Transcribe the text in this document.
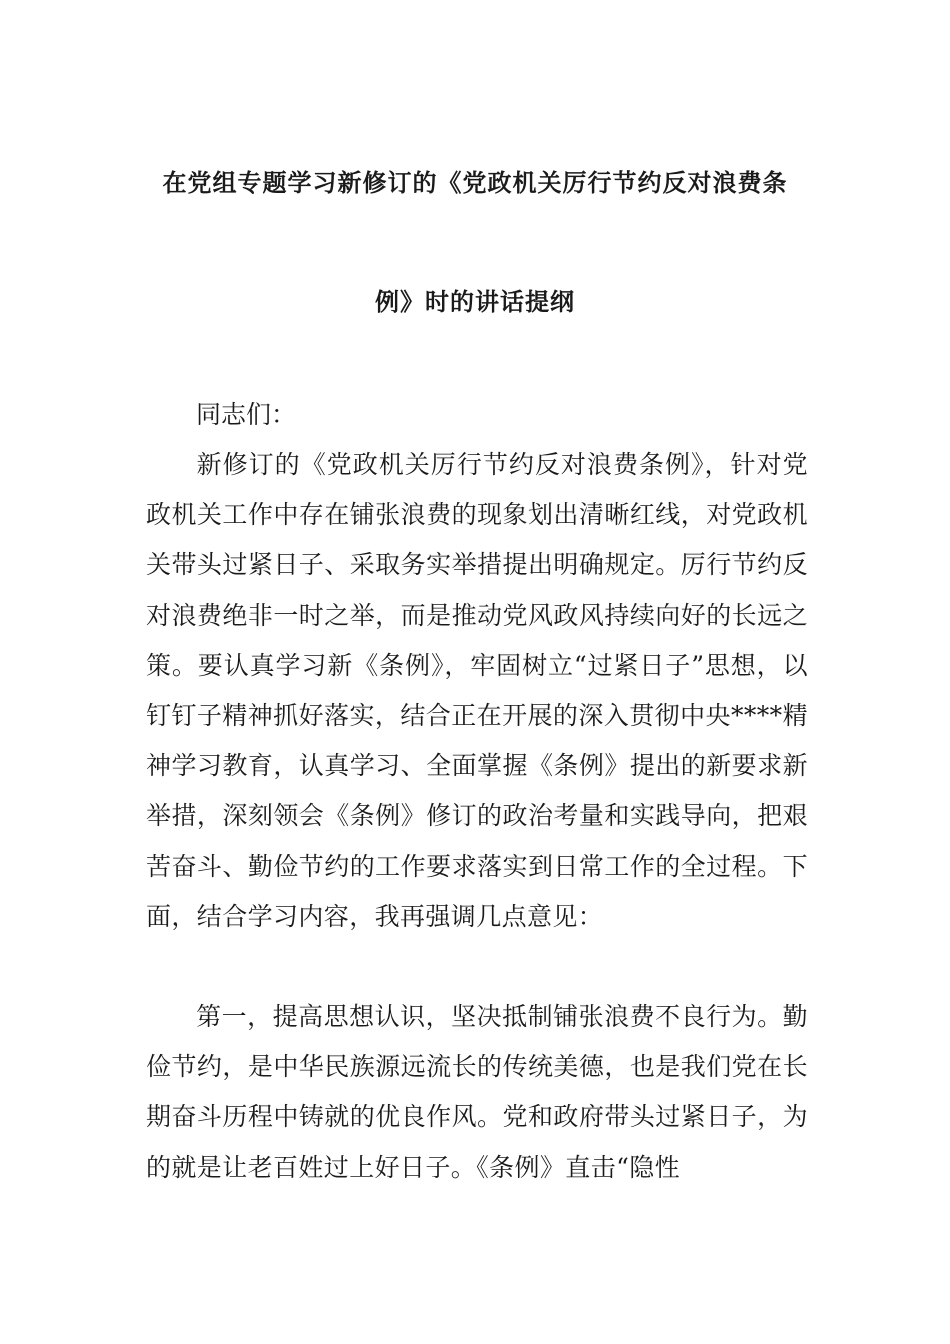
在党组专题学习新修订的《党政机关厉行节约反对浪费条
例》时的讲话提纲
同志们：
新修订的《党政机关厉行节约反对浪费条例》，针对党政机关工作中存在铺张浪费的现象划出清晰红线，对党政机关带头过紧日子、采取务实举措提出明确规定。厉行节约反对浪费绝非一时之举，而是推动党风政风持续向好的长远之策。要认真学习新《条例》，牢固树立“过紧日子”思想，以钉钉子精神抓好落实，结合正在开展的深入贯彻中央****精神学习教育，认真学习、全面掌握《条例》提出的新要求新举措，深刻领会《条例》修订的政治考量和实践导向，把艰苦奋斗、勤俭节约的工作要求落实到日常工作的全过程。下面，结合学习内容，我再强调几点意见：
第一，提高思想认识，坚决抵制铺张浪费不良行为。勤俭节约，是中华民族源远流长的传统美德，也是我们党在长期奋斗历程中铸就的优良作风。党和政府带头过紧日子，为的就是让老百姓过上好日子。《条例》直击“隐性
